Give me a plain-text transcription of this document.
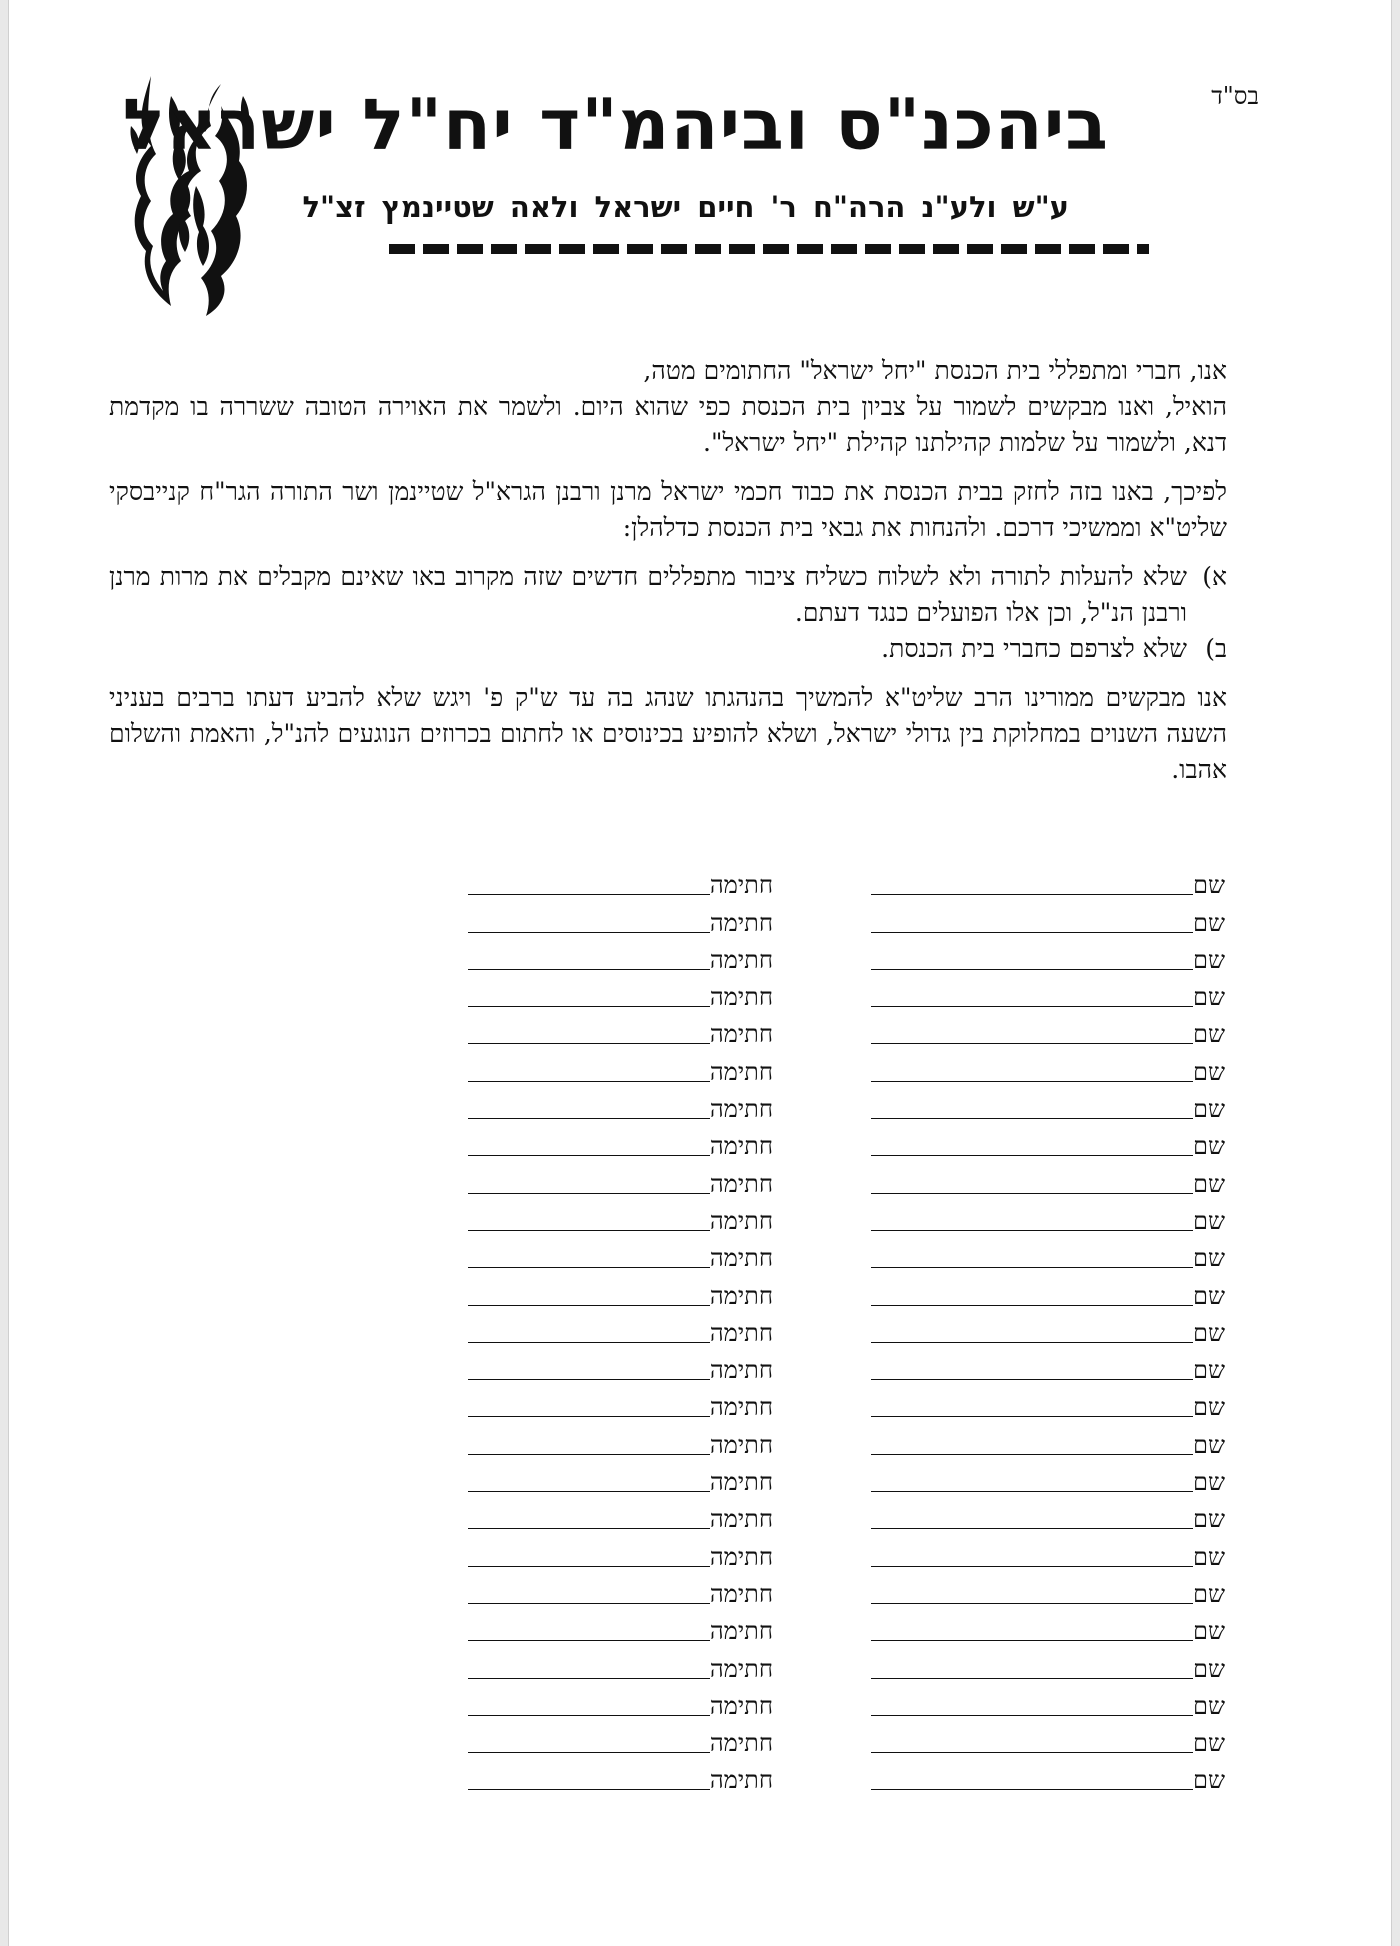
בס"ד
ביהכנ"ס וביהמ"ד יח"ל ישראל
ע"ש ולע"נ הרה"ח ר' חיים ישראל ולאה שטיינמץ זצ"ל

אנו, חברי ומתפללי בית הכנסת "יחל ישראל" החתומים מטה,
הואיל, ואנו מבקשים לשמור על צביון בית הכנסת כפי שהוא היום. ולשמר את האוירה הטובה ששררה בו מקדמת דנא, ולשמור על שלמות קהילתנו קהילת "יחל ישראל".

לפיכך, באנו בזה לחזק בבית הכנסת את כבוד חכמי ישראל מרנן ורבנן הגרא"ל שטיינמן ושר התורה הגר"ח קנייבסקי שליט"א וממשיכי דרכם. ולהנחות את גבאי בית הכנסת כדלהלן:

א)
שלא להעלות לתורה ולא לשלוח כשליח ציבור מתפללים חדשים שזה מקרוב באו שאינם מקבלים את מרות מרנן ורבנן הנ"ל, וכן אלו הפועלים כנגד דעתם.
ב)
שלא לצרפם כחברי בית הכנסת.

אנו מבקשים ממורינו הרב שליט"א להמשיך בהנהגתו שנהג בה עד ש"ק פ' ויגש שלא להביע דעתו ברבים בעניני השעה השנוים במחלוקת בין גדולי ישראל, ושלא להופיע בכינוסים או לחתום בכרוזים הנוגעים להנ"ל, והאמת והשלום אהבו.

שם
חתימה
שם
חתימה
שם
חתימה
שם
חתימה
שם
חתימה
שם
חתימה
שם
חתימה
שם
חתימה
שם
חתימה
שם
חתימה
שם
חתימה
שם
חתימה
שם
חתימה
שם
חתימה
שם
חתימה
שם
חתימה
שם
חתימה
שם
חתימה
שם
חתימה
שם
חתימה
שם
חתימה
שם
חתימה
שם
חתימה
שם
חתימה
שם
חתימה
